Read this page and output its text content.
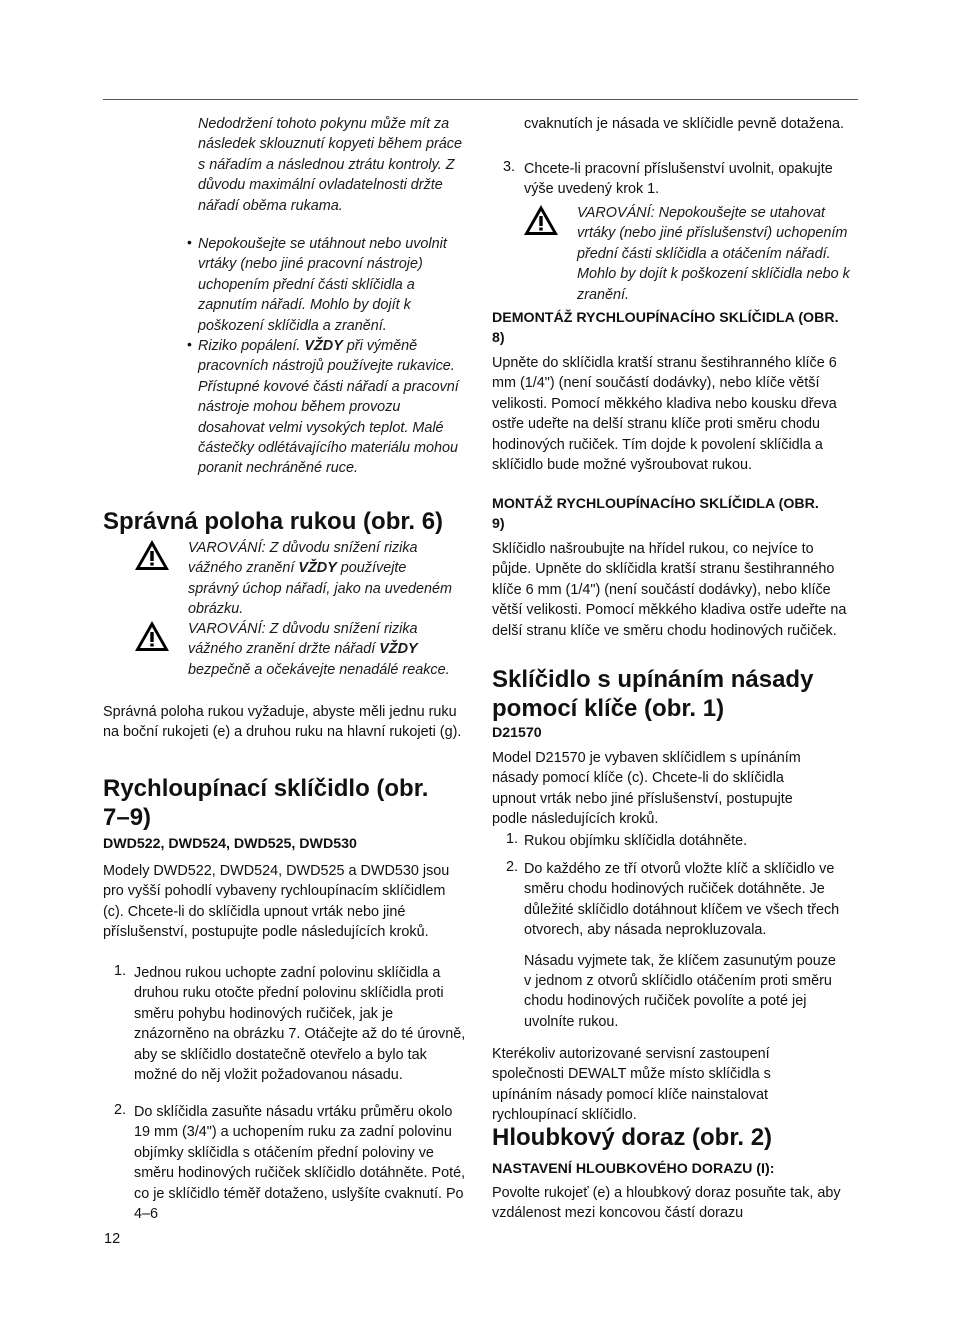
Nedodržení tohoto pokynu může mít za následek sklouznutí kopyeti během práce s nářadím a následnou ztrátu kontroly. Z důvodu maximální ovladatelnosti držte nářadí oběma rukama.

• Nepokoušejte se utáhnout nebo uvolnit vrtáky (nebo jiné pracovní nástroje) uchopením přední části sklíčidla a zapnutím nářadí. Mohlo by dojít k poškození sklíčidla a zranění.

• Riziko popálení. VŽDY při výměně pracovních nástrojů používejte rukavice. Přístupné kovové části nářadí a pracovní nástroje mohou během provozu dosahovat velmi vysokých teplot. Malé částečky odlétávajícího materiálu mohou poranit nechráněné ruce.

Správná poloha rukou (obr. 6)

VAROVÁNÍ: Z důvodu snížení rizika vážného zranění VŽDY používejte správný úchop nářadí, jako na uvedeném obrázku.

VAROVÁNÍ: Z důvodu snížení rizika vážného zranění držte nářadí VŽDY bezpečně a očekávejte nenadálé reakce.

Správná poloha rukou vyžaduje, abyste měli jednu ruku na boční rukojeti (e) a druhou ruku na hlavní rukojeti (g).

Rychloupínací sklíčidlo (obr. 7–9)
DWD522, DWD524, DWD525, DWD530

Modely DWD522, DWD524, DWD525 a DWD530 jsou pro vyšší pohodlí vybaveny rychloupínacím sklíčidlem (c). Chcete-li do sklíčidla upnout vrták nebo jiné příslušenství, postupujte podle následujících kroků.

1. Jednou rukou uchopte zadní polovinu sklíčidla a druhou ruku otočte přední polovinu sklíčidla proti směru pohybu hodinových ručiček, jak je znázorněno na obrázku 7. Otáčejte až do té úrovně, aby se sklíčidlo dostatečně otevřelo a bylo tak možné do něj vložit požadovanou násadu.

2. Do sklíčidla zasuňte násadu vrtáku průměru okolo 19 mm (3/4") a uchopením ruku za zadní polovinu objímky sklíčidla s otáčením přední poloviny ve směru hodinových ručiček sklíčidlo dotáhněte. Poté, co je sklíčidlo téměř dotaženo, uslyšíte cvaknutí. Po 4–6

cvaknutích je násada ve sklíčidle pevně dotažena.

3. Chcete-li pracovní příslušenství uvolnit, opakujte výše uvedený krok 1.

VAROVÁNÍ: Nepokoušejte se utahovat vrtáky (nebo jiné příslušenství) uchopením přední části sklíčidla a otáčením nářadí. Mohlo by dojít k poškození sklíčidla nebo k zranění.

DEMONTÁŽ RYCHLOUPÍNACÍHO SKLÍČIDLA (OBR. 8)

Upněte do sklíčidla kratší stranu šestihranného klíče 6 mm (1/4") (není součástí dodávky), nebo klíče větší velikosti. Pomocí měkkého kladiva nebo kousku dřeva ostře udeřte na delší stranu klíče proti směru chodu hodinových ručiček. Tím dojde k povolení sklíčidla a sklíčidlo bude možné vyšroubovat rukou.

MONTÁŽ RYCHLOUPÍNACÍHO SKLÍČIDLA (OBR. 9)

Sklíčidlo našroubujte na hřídel rukou, co nejvíce to půjde. Upněte do sklíčidla kratší stranu šestihranného klíče 6 mm (1/4") (není součástí dodávky), nebo klíče větší velikosti. Pomocí měkkého kladiva ostře udeřte na delší stranu klíče ve směru chodu hodinových ručiček.

Sklíčidlo s upínáním násady pomocí klíče (obr. 1)
D21570

Model D21570 je vybaven sklíčidlem s upínáním násady pomocí klíče (c). Chcete-li do sklíčidla upnout vrták nebo jiné příslušenství, postupujte podle následujících kroků.

1. Rukou objímku sklíčidla dotáhněte.

2. Do každého ze tří otvorů vložte klíč a sklíčidlo ve směru chodu hodinových ručiček dotáhněte. Je důležité sklíčidlo dotáhnout klíčem ve všech třech otvorech, aby násada neprokluzovala.

Násadu vyjmete tak, že klíčem zasunutým pouze v jednom z otvorů sklíčidlo otáčením proti směru chodu hodinových ručiček povolíte a poté jej uvolníte rukou.

Kterékoliv autorizované servisní zastoupení společnosti DEWALT může místo sklíčidla s upínáním násady pomocí klíče nainstalovat rychloupínací sklíčidlo.

Hloubkový doraz (obr. 2)
NASTAVENÍ HLOUBKOVÉHO DORAZU (I):

Povolte rukojeť (e) a hloubkový doraz posuňte tak, aby vzdálenost mezi koncovou částí dorazu

12
